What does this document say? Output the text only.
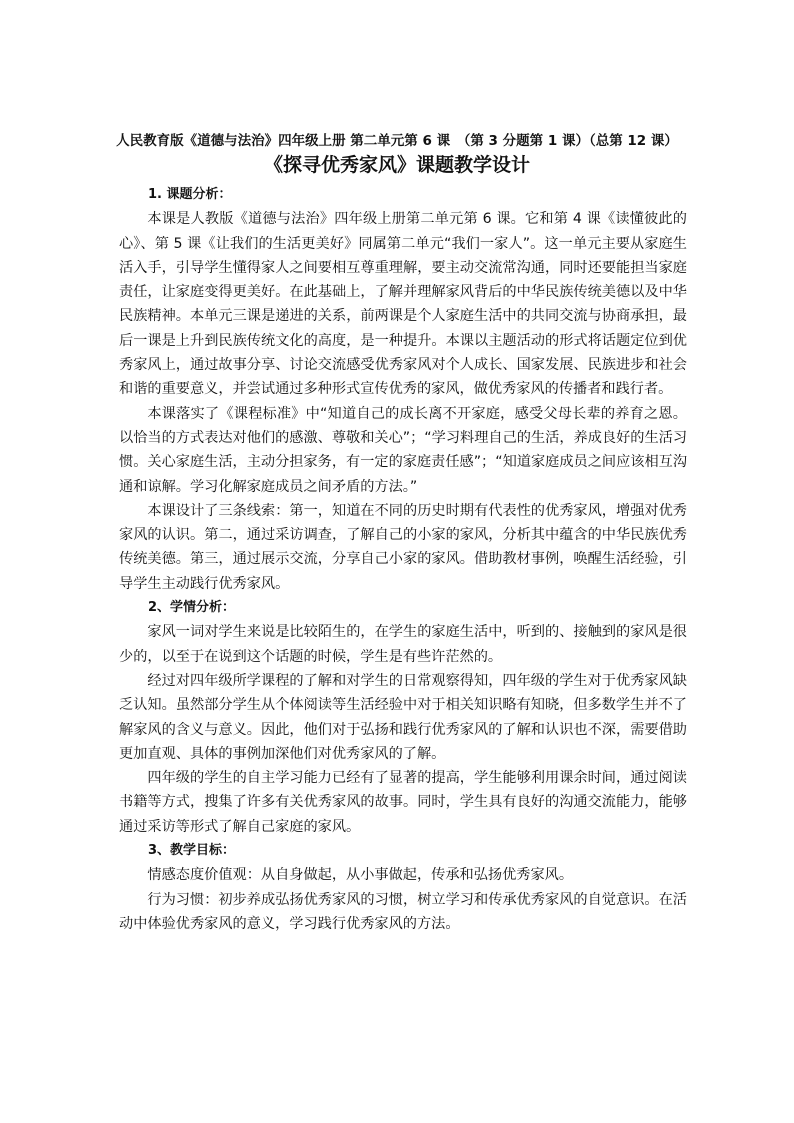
人民教育版《道德与法治》四年级上册 第二单元第 6 课　（第 3 分题第 1 课）（总第 12 课）
《探寻优秀家风》课题教学设计
1. 课题分析：

本课是人教版《道德与法治》四年级上册第二单元第 6 课。它和第 4 课《读懂彼此的心》、第 5 课《让我们的生活更美好》同属第二单元“我们一家人”。这一单元主要从家庭生活入手，引导学生懂得家人之间要相互尊重理解，要主动交流常沟通，同时还要能担当家庭责任，让家庭变得更美好。在此基础上，了解并理解家风背后的中华民族传统美德以及中华民族精神。本单元三课是递进的关系，前两课是个人家庭生活中的共同交流与协商承担，最后一课是上升到民族传统文化的高度，是一种提升。本课以主题活动的形式将话题定位到优秀家风上，通过故事分享、讨论交流感受优秀家风对个人成长、国家发展、民族进步和社会和谐的重要意义，并尝试通过多种形式宣传优秀的家风，做优秀家风的传播者和践行者。

本课落实了《课程标准》中“知道自己的成长离不开家庭，感受父母长辈的养育之恩。以恰当的方式表达对他们的感激、尊敬和关心”；“学习料理自己的生活，养成良好的生活习惯。关心家庭生活，主动分担家务，有一定的家庭责任感”；“知道家庭成员之间应该相互沟通和谅解。学习化解家庭成员之间矛盾的方法。”

本课设计了三条线索：第一，知道在不同的历史时期有代表性的优秀家风，增强对优秀家风的认识。第二，通过采访调查，了解自己的小家的家风，分析其中蕴含的中华民族优秀传统美德。第三，通过展示交流，分享自己小家的家风。借助教材事例，唤醒生活经验，引导学生主动践行优秀家风。

2、学情分析：

家风一词对学生来说是比较陌生的，在学生的家庭生活中，听到的、接触到的家风是很少的，以至于在说到这个话题的时候，学生是有些许茫然的。

经过对四年级所学课程的了解和对学生的日常观察得知，四年级的学生对于优秀家风缺乏认知。虽然部分学生从个体阅读等生活经验中对于相关知识略有知晓，但多数学生并不了解家风的含义与意义。因此，他们对于弘扬和践行优秀家风的了解和认识也不深，需要借助更加直观、具体的事例加深他们对优秀家风的了解。

四年级的学生的自主学习能力已经有了显著的提高，学生能够利用课余时间，通过阅读书籍等方式，搜集了许多有关优秀家风的故事。同时，学生具有良好的沟通交流能力，能够通过采访等形式了解自己家庭的家风。

3、教学目标：

情感态度价值观：从自身做起，从小事做起，传承和弘扬优秀家风。

行为习惯：初步养成弘扬优秀家风的习惯，树立学习和传承优秀家风的自觉意识。在活动中体验优秀家风的意义，学习践行优秀家风的方法。
